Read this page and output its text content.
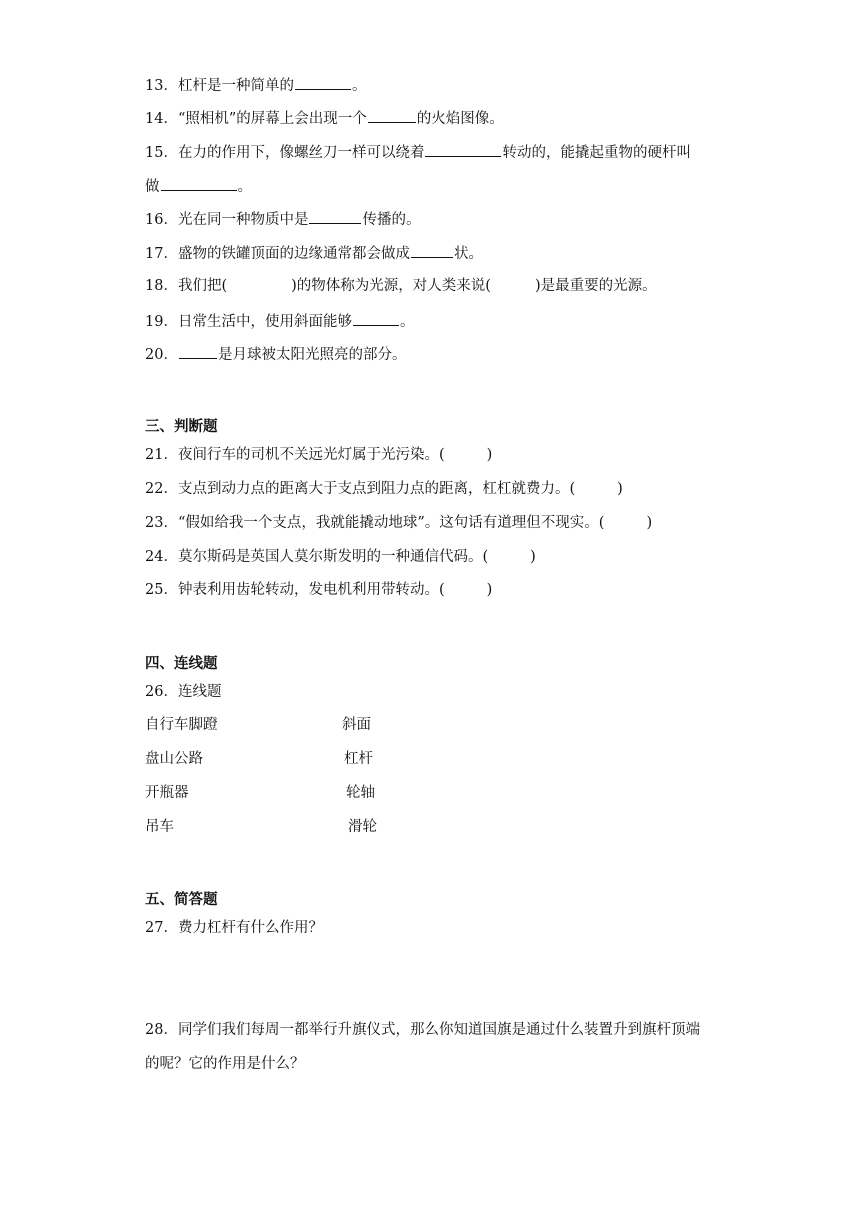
13．杠杆是一种简单的	。
14．“照相机”的屏幕上会出现一个	的火焰图像。
15．在力的作用下，像螺丝刀一样可以绕着	转动的，能撬起重物的硬杆叫
做	。
16．光在同一种物质中是	传播的。
17．盛物的铁罐顶面的边缘通常都会做成	状。
18．我们把(	)的物体称为光源，对人类来说(	)是最重要的光源。
19．日常生活中，使用斜面能够	。
20．	是月球被太阳光照亮的部分。
三、判断题
21．夜间行车的司机不关远光灯属于光污染。(	)
22．支点到动力点的距离大于支点到阻力点的距离，杠杠就费力。(	)
23．“假如给我一个支点，我就能撬动地球”。这句话有道理但不现实。(	)
24．莫尔斯码是英国人莫尔斯发明的一种通信代码。(	)
25．钟表利用齿轮转动，发电机利用带转动。(	)
四、连线题
26．连线题
自行车脚蹬	斜面
盘山公路	杠杆
开瓶器	轮轴
吊车	滑轮
五、简答题
27．费力杠杆有什么作用？
28．同学们我们每周一都举行升旗仪式，那么你知道国旗是通过什么装置升到旗杆顶端
的呢？它的作用是什么？
